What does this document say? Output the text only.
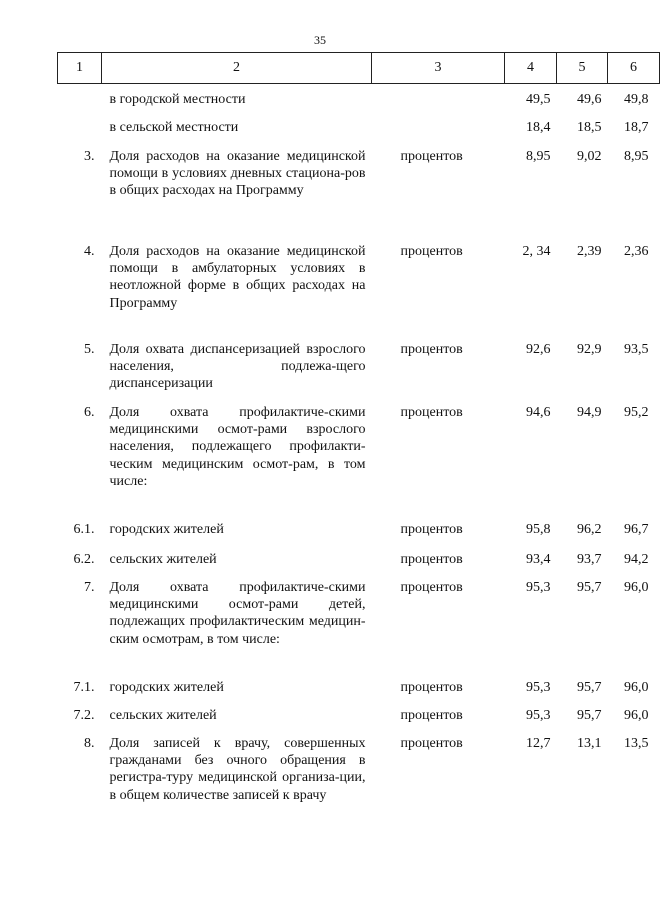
35
1	2	3	4	5	6
	в городской местности		49,5	49,6	49,8
	в сельской местности		18,4	18,5	18,7
3.	Доля расходов на оказание медицинской помощи в условиях дневных стациона-ров в общих расходах на Программу	процентов	8,95	9,02	8,95
4.	Доля расходов на оказание медицинской помощи в амбулаторных условиях в неотложной форме в общих расходах на Программу	процентов	2, 34	2,39	2,36
5.	Доля охвата диспансеризацией взрослого населения, подлежа-щего диспансеризации	процентов	92,6	92,9	93,5
6.	Доля охвата профилактиче-скими медицинскими осмот-рами взрослого населения, подлежащего профилакти-ческим медицинским осмот-рам, в том числе:	процентов	94,6	94,9	95,2
6.1.	городских жителей	процентов	95,8	96,2	96,7
6.2.	сельских жителей	процентов	93,4	93,7	94,2
7.	Доля охвата профилактиче-скими медицинскими осмот-рами детей, подлежащих профилактическим медицин-ским осмотрам, в том числе:	процентов	95,3	95,7	96,0
7.1.	городских жителей	процентов	95,3	95,7	96,0
7.2.	сельских жителей	процентов	95,3	95,7	96,0
8.	Доля записей к врачу, совершенных гражданами без очного обращения в регистра-туру медицинской организа-ции, в общем количестве записей к врачу	процентов	12,7	13,1	13,5
